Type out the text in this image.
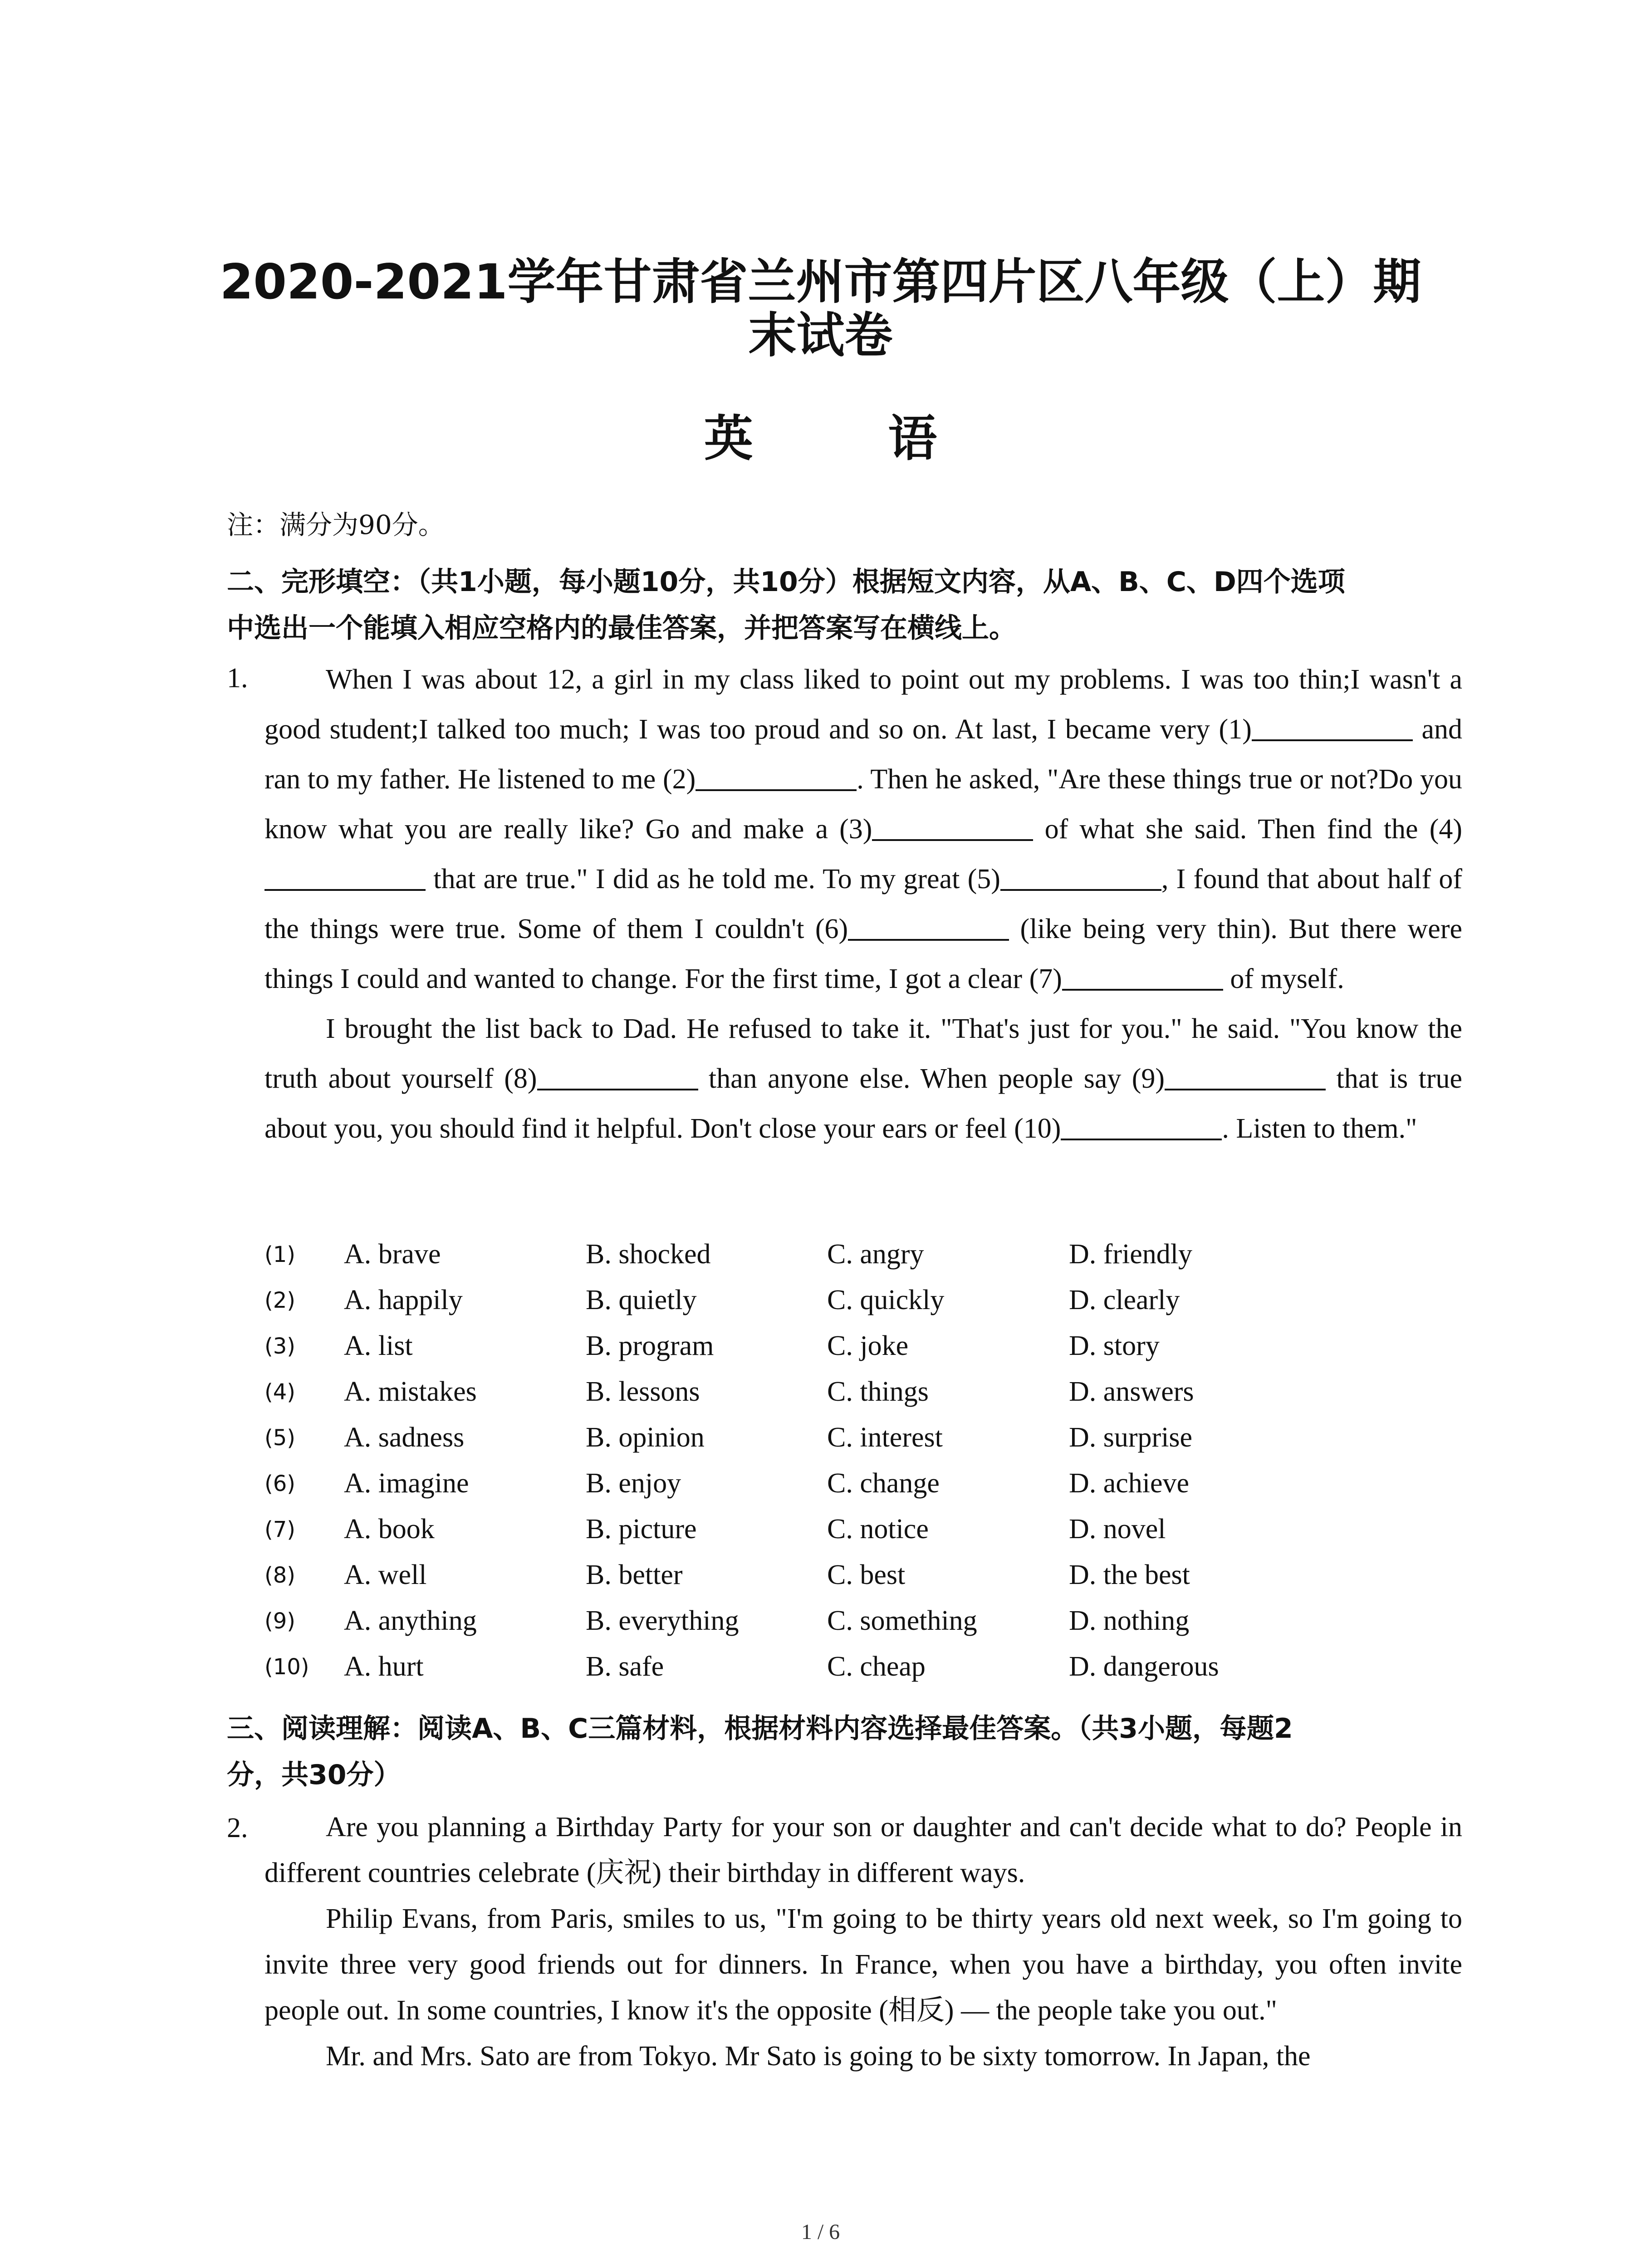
2020-2021学年甘肃省兰州市第四片区八年级（上）期
末试卷
英 语
注：满分为90分。
二、完形填空：（共1小题，每小题10分，共10分）根据短文内容，从A、B、C、D四个选项
中选出一个能填入相应空格内的最佳答案，并把答案写在横线上。
1.	When I was about 12, a girl in my class liked to point out my problems. I was too thin;I wasn't a good student;I talked too much; I was too proud and so on. At last, I became very (1)	and ran to my father. He listened to me (2)	. Then he asked, "Are these things true or not?Do you know what you are really like? Go and make a (3)	of what she said. Then find the (4) that are true." I did as he told me. To my great (5)	, I found that about half of the things were true. Some of them I couldn't (6)	(like being very thin). But there were things I could and wanted to change. For the first time, I got a clear (7)	of myself.

I brought the list back to Dad. He refused to take it. "That's just for you." he said. "You know the truth about yourself (8)	than anyone else. When people say (9)	that is true about you, you should find it helpful. Don't close your ears or feel (10)	. Listen to them."

(1) A. brave	B. shocked	C. angry	D. friendly
(2) A. happily	B. quietly	C. quickly	D. clearly
(3) A. list	B. program	C. joke	D. story
(4) A. mistakes	B. lessons	C. things	D. answers
(5) A. sadness	B. opinion	C. interest	D. surprise
(6) A. imagine	B. enjoy	C. change	D. achieve
(7) A. book	B. picture	C. notice	D. novel
(8) A. well	B. better	C. best	D. the best
(9) A. anything	B. everything	C. something	D. nothing
(10) A. hurt	B. safe	C. cheap	D. dangerous
三、阅读理解：阅读A、B、C三篇材料，根据材料内容选择最佳答案。（共3小题，每题2
分，共30分）
2.	Are you planning a Birthday Party for your son or daughter and can't decide what to do? People in different countries celebrate (庆祝) their birthday in different ways.

Philip Evans, from Paris, smiles to us, "I'm going to be thirty years old next week, so I'm going to invite three very good friends out for dinners. In France, when you have a birthday, you often invite people out. In some countries, I know it's the opposite (相反) — the people take you out."

Mr. and Mrs. Sato are from Tokyo. Mr Sato is going to be sixty tomorrow. In Japan, the

1 / 6
